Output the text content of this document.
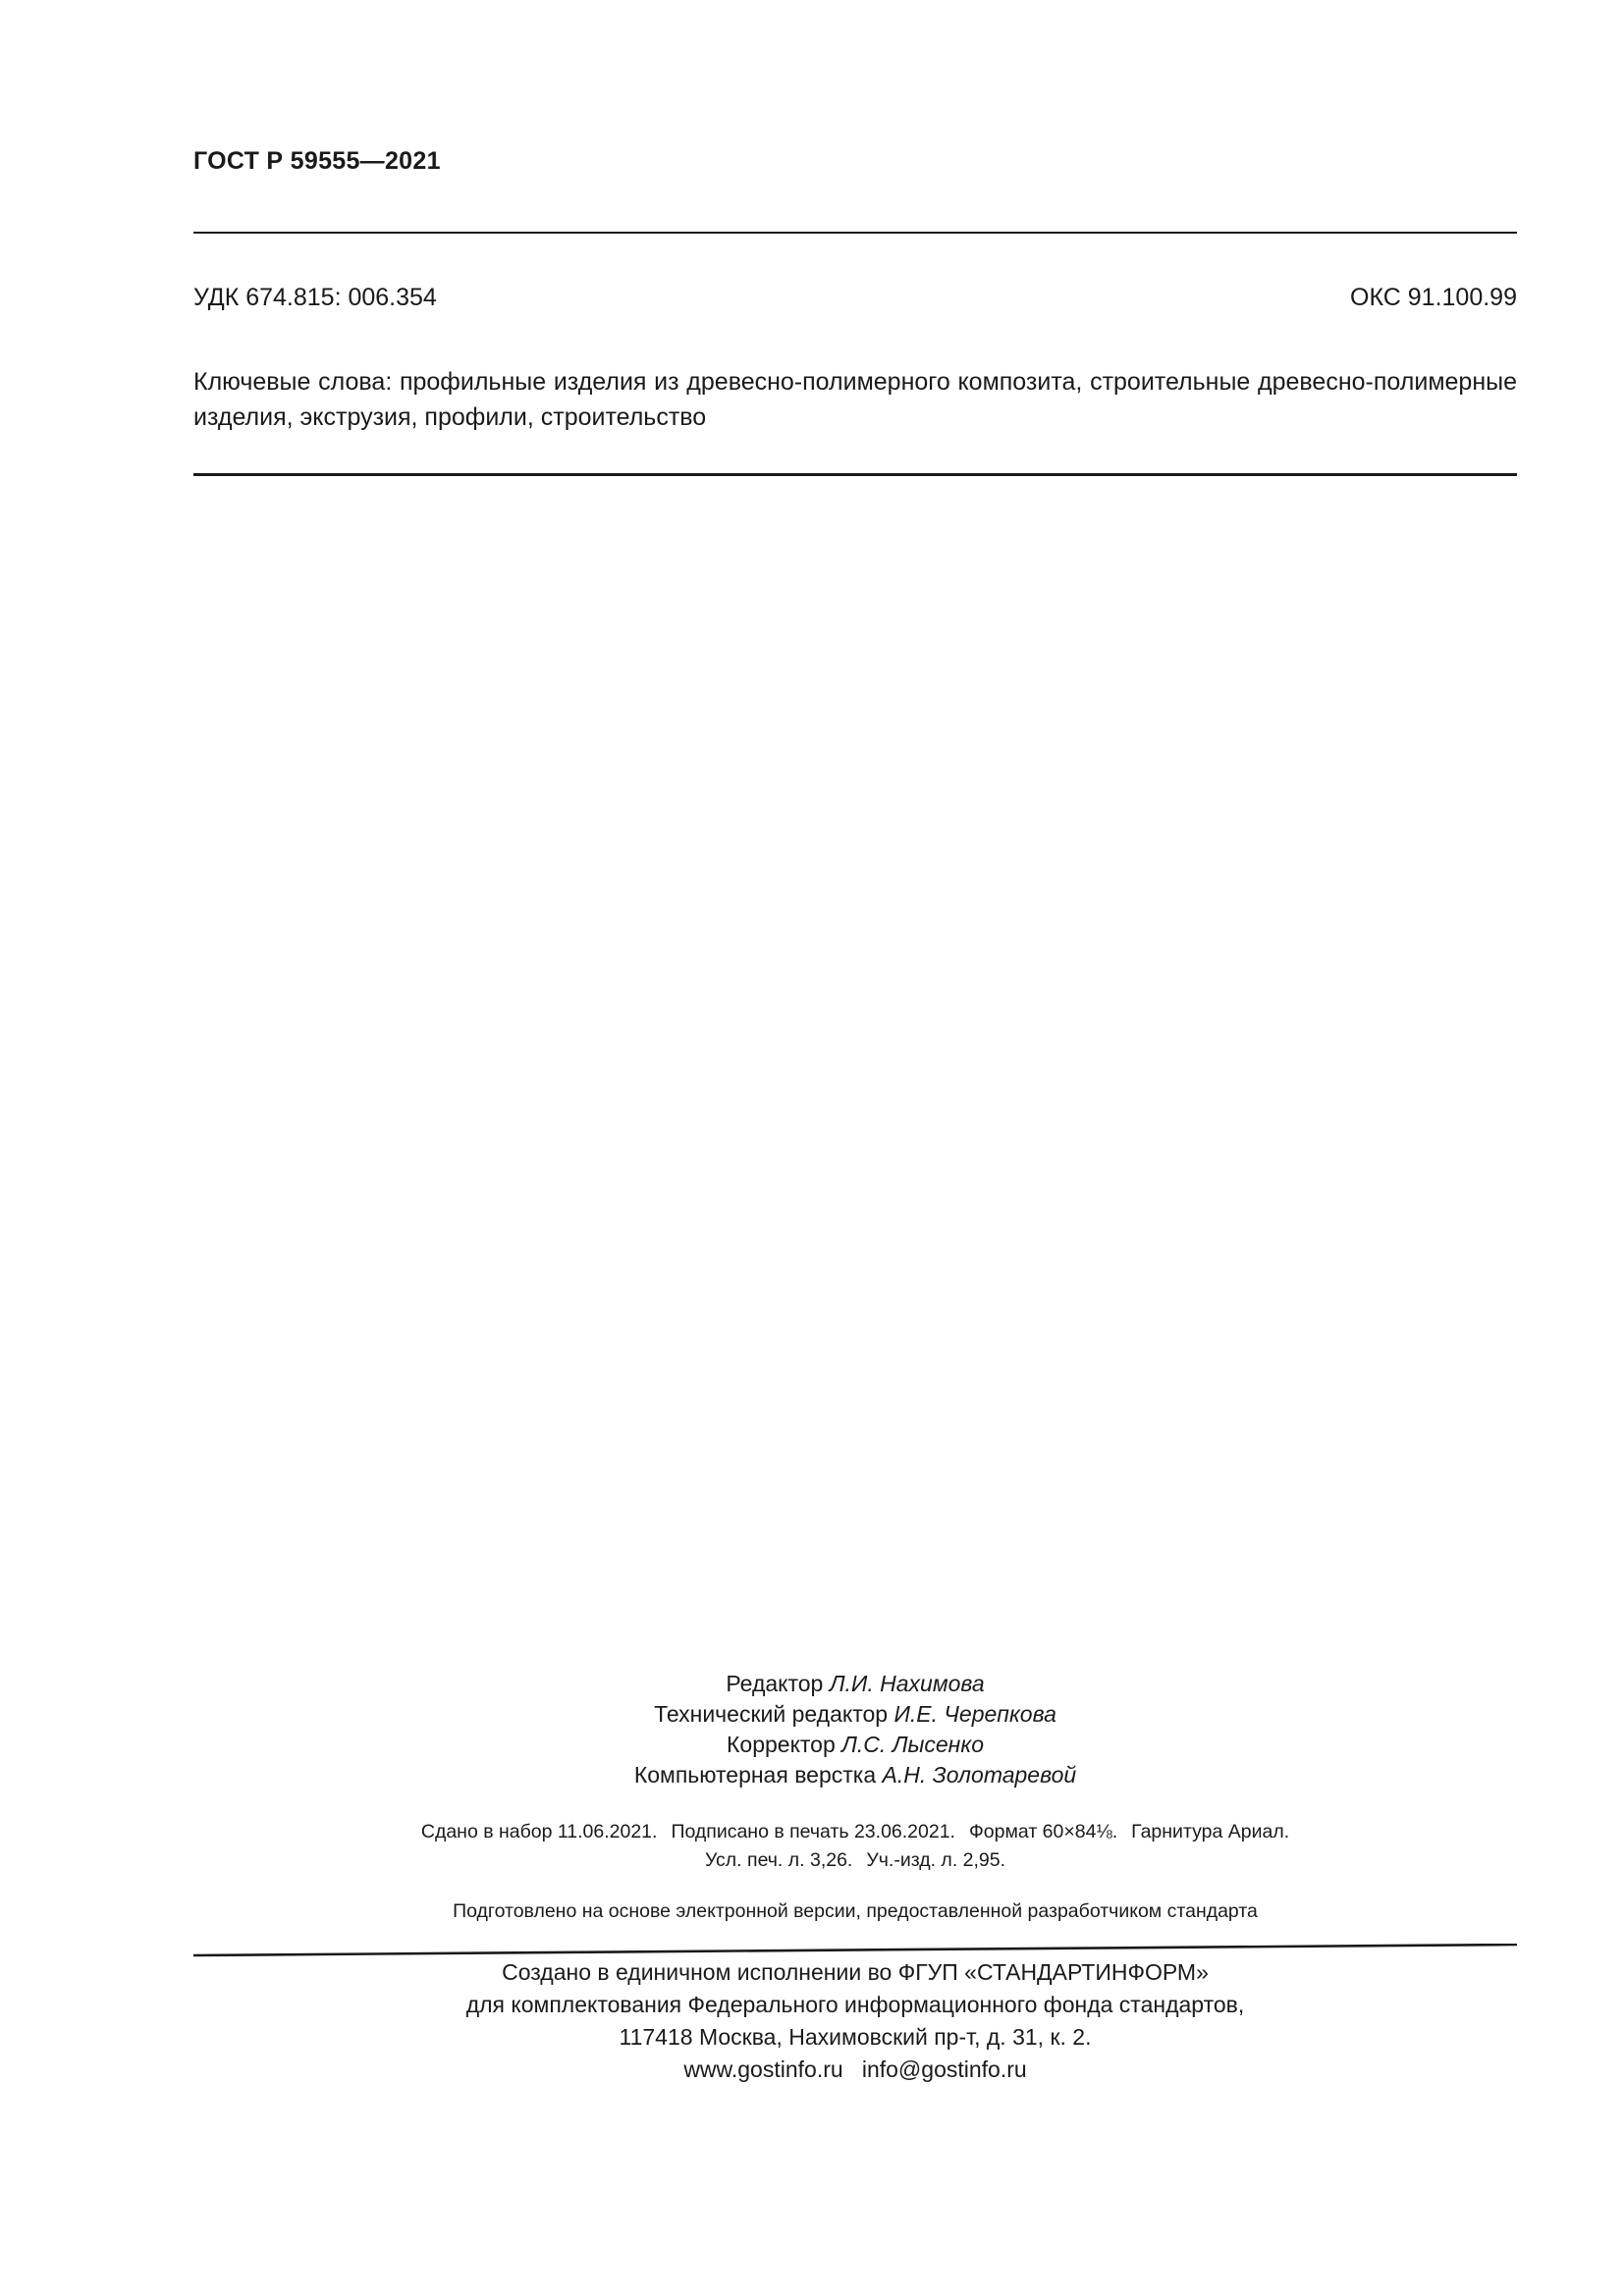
ГОСТ Р 59555—2021
УДК 674.815: 006.354	ОКС 91.100.99
Ключевые слова: профильные изделия из древесно-полимерного композита, строительные древесно-полимерные изделия, экструзия, профили, строительство
Редактор Л.И. Нахимова
Технический редактор И.Е. Черепкова
Корректор Л.С. Лысенко
Компьютерная верстка А.Н. Золотаревой
Сдано в набор 11.06.2021. Подписано в печать 23.06.2021. Формат 60×84⅛. Гарнитура Ариал.
Усл. печ. л. 3,26. Уч.-изд. л. 2,95.
Подготовлено на основе электронной версии, предоставленной разработчиком стандарта
Создано в единичном исполнении во ФГУП «СТАНДАРТИНФОРМ»
для комплектования Федерального информационного фонда стандартов,
117418 Москва, Нахимовский пр-т, д. 31, к. 2.
www.gostinfo.ru info@gostinfo.ru
